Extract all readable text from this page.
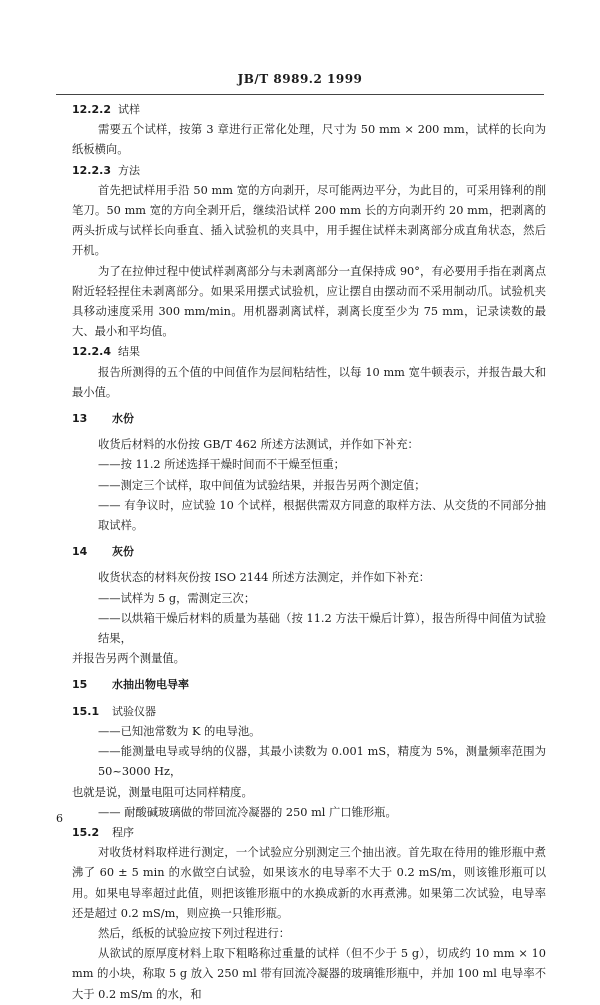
JB/T 8989.2 1999
12.2.2 试样

需要五个试样，按第 3 章进行正常化处理，尺寸为 50 mm × 200 mm，试样的长向为纸板横向。

12.2.3 方法

首先把试样用手沿 50 mm 宽的方向剥开，尽可能两边平分，为此目的，可采用锋利的削笔刀。50 mm 宽的方向全剥开后，继续沿试样 200 mm 长的方向剥开约 20 mm，把剥离的两头折成与试样长向垂直、插入试验机的夹具中，用手握住试样未剥离部分成直角状态，然后开机。

为了在拉伸过程中使试样剥离部分与未剥离部分一直保持成 90°，有必要用手指在剥离点附近轻轻捏住未剥离部分。如果采用摆式试验机，应让摆自由摆动而不采用制动爪。试验机夹具移动速度采用 300 mm/min。用机器剥离试样，剥离长度至少为 75 mm，记录读数的最大、最小和平均值。

12.2.4 结果

报告所测得的五个值的中间值作为层间粘结性，以每 10 mm 宽牛顿表示，并报告最大和最小值。

13	水份

收货后材料的水份按 GB/T 462 所述方法测试，并作如下补充：

——按 11.2 所述选择干燥时间而不干燥至恒重；

——测定三个试样，取中间值为试验结果，并报告另两个测定值；

—— 有争议时，应试验 10 个试样，根据供需双方同意的取样方法、从交货的不同部分抽取试样。

14	灰份

收货状态的材料灰份按 ISO 2144 所述方法测定，并作如下补充：

——试样为 5 g，需测定三次；

——以烘箱干燥后材料的质量为基础（按 11.2 方法干燥后计算），报告所得中间值为试验结果，

并报告另两个测量值。

15	水抽出物电导率
15.1	试验仪器

——已知池常数为 K 的电导池。

——能测量电导或导纳的仪器，其最小读数为 0.001 mS，精度为 5%，测量频率范围为 50~3000 Hz，

也就是说，测量电阻可达同样精度。

—— 耐酸碱玻璃做的带回流冷凝器的 250 ml 广口锥形瓶。

15.2	程序

对收货材料取样进行测定，一个试验应分别测定三个抽出液。首先取在待用的锥形瓶中煮沸了 60 ± 5 min 的水做空白试验，如果该水的电导率不大于 0.2 mS/m，则该锥形瓶可以用。如果电导率超过此值，则把该锥形瓶中的水换成新的水再煮沸。如果第二次试验，电导率还是超过 0.2 mS/m，则应换一只锥形瓶。

然后，纸板的试验应按下列过程进行：

从欲试的原厚度材料上取下粗略称过重量的试样（但不少于 5 g），切成约 10 mm × 10 mm 的小块，称取 5 g 放入 250 ml 带有回流冷凝器的玻璃锥形瓶中，并加 100 ml 电导率不大于 0.2 mS/m 的水，和

6
